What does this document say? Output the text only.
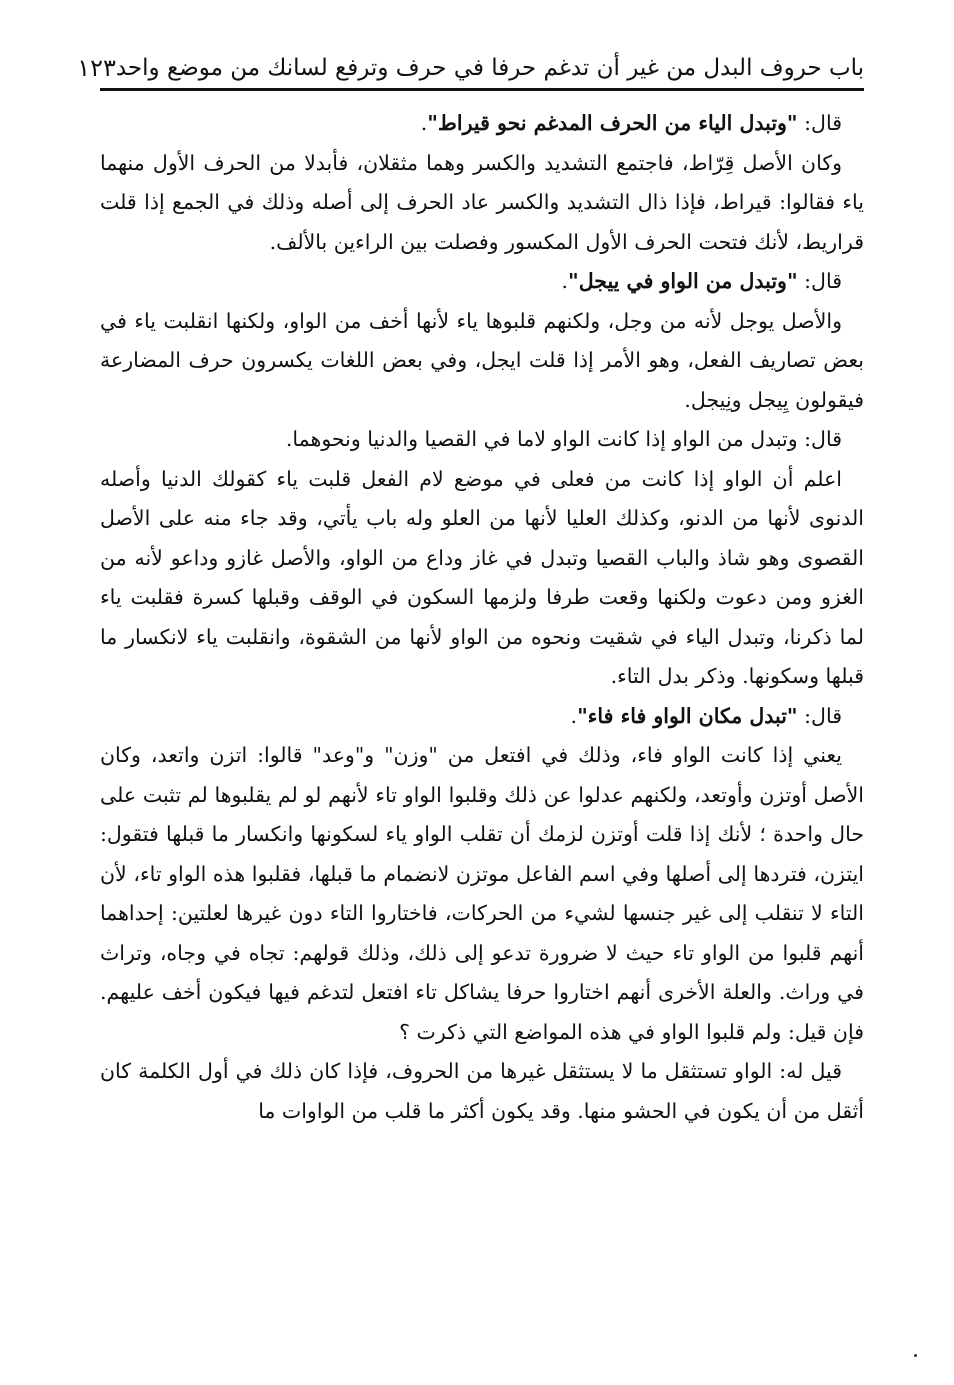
باب حروف البدل من غير أن تدغم حرفا في حرف وترفع لسانك من موضع واحد
١٢٣

قال: "وتبدل الياء من الحرف المدغم نحو قيراط".

وكان الأصل قِرّاط، فاجتمع التشديد والكسر وهما مثقلان، فأبدلا من الحرف الأول منهما ياء فقالوا: قيراط، فإذا ذال التشديد والكسر عاد الحرف إلى أصله وذلك في الجمع إذا قلت قراريط، لأنك فتحت الحرف الأول المكسور وفصلت بين الراءين بالألف.

قال: "وتبدل من الواو في ييجل".

والأصل يوجل لأنه من وجل، ولكنهم قلبوها ياء لأنها أخف من الواو، ولكنها انقلبت ياء في بعض تصاريف الفعل، وهو الأمر إذا قلت ايجل، وفي بعض اللغات يكسرون حرف المضارعة فيقولون يِيجل ونِيجل.

قال: وتبدل من الواو إذا كانت الواو لاما في القصيا والدنيا ونحوهما.

اعلم أن الواو إذا كانت من فعلى في موضع لام الفعل قلبت ياء كقولك الدنيا وأصله الدنوى لأنها من الدنو، وكذلك العليا لأنها من العلو وله باب يأتي، وقد جاء منه على الأصل القصوى وهو شاذ والباب القصيا وتبدل في غاز وداع من الواو، والأصل غازو وداعو لأنه من الغزو ومن دعوت ولكنها وقعت طرفا ولزمها السكون في الوقف وقبلها كسرة فقلبت ياء لما ذكرنا، وتبدل الياء في شقيت ونحوه من الواو لأنها من الشقوة، وانقلبت ياء لانكسار ما قبلها وسكونها. وذكر بدل التاء.

قال: "تبدل مكان الواو فاء فاء".

يعني إذا كانت الواو فاء، وذلك في افتعل من "وزن" و"وعد" قالوا: اتزن واتعد، وكان الأصل أوتزن وأوتعد، ولكنهم عدلوا عن ذلك وقلبوا الواو تاء لأنهم لو لم يقلبوها لم تثبت على حال واحدة ؛ لأنك إذا قلت أوتزن لزمك أن تقلب الواو ياء لسكونها وانكسار ما قبلها فتقول: ايتزن، فتردها إلى أصلها وفي اسم الفاعل موتزن لانضمام ما قبلها، فقلبوا هذه الواو تاء، لأن التاء لا تنقلب إلى غير جنسها لشيء من الحركات، فاختاروا التاء دون غيرها لعلتين: إحداهما أنهم قلبوا من الواو تاء حيث لا ضرورة تدعو إلى ذلك، وذلك قولهم: تجاه في وجاه، وتراث في وراث. والعلة الأخرى أنهم اختاروا حرفا يشاكل تاء افتعل لتدغم فيها فيكون أخف عليهم. فإن قيل: ولم قلبوا الواو في هذه المواضع التي ذكرت ؟

قيل له: الواو تستثقل ما لا يستثقل غيرها من الحروف، فإذا كان ذلك في أول الكلمة كان أثقل من أن يكون في الحشو منها. وقد يكون أكثر ما قلب من الواوات ما
